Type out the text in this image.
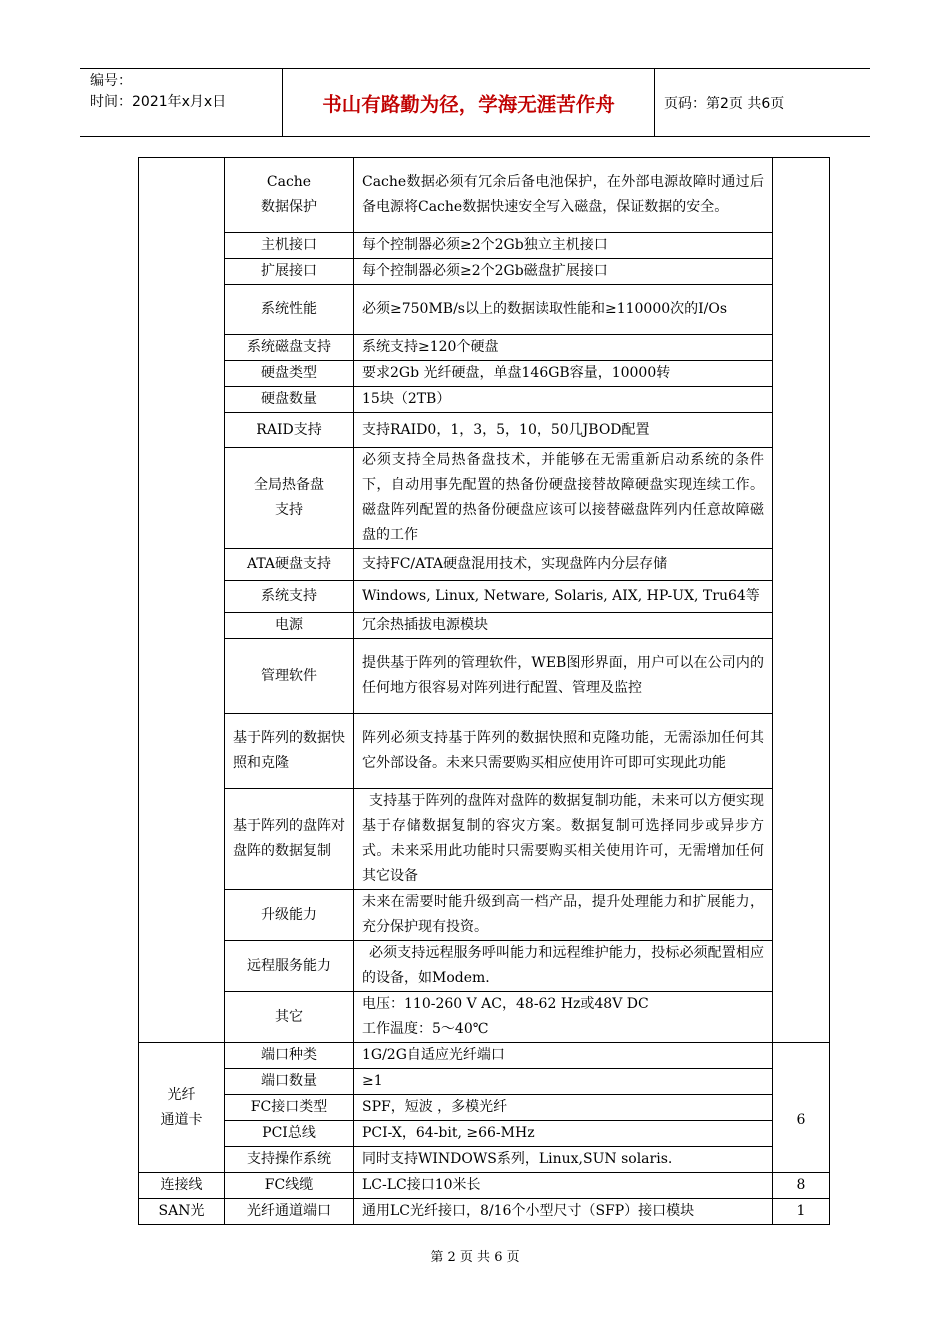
编号：
时间：2021年x月x日	书山有路勤为径，学海无涯苦作舟	页码：第2页 共6页

	Cache
数据保护	Cache数据必须有冗余后备电池保护，在外部电源故障时通过后备电源将Cache数据快速安全写入磁盘，保证数据的安全。	
	主机接口	每个控制器必须≥2个2Gb独立主机接口	
	扩展接口	每个控制器必须≥2个2Gb磁盘扩展接口	
	系统性能	必须≥750MB/s以上的数据读取性能和≥110000次的I/Os	
	系统磁盘支持	系统支持≥120个硬盘	
	硬盘类型	要求2Gb 光纤硬盘，单盘146GB容量，10000转	
	硬盘数量	15块（2TB）	
	RAID支持	支持RAID0，1，3，5，10，50几JBOD配置	

	全局热备盘
支持	必须支持全局热备盘技术，并能够在无需重新启动系统的条件下，自动用事先配置的热备份硬盘接替故障硬盘实现连续工作。磁盘阵列配置的热备份硬盘应该可以接替磁盘阵列内任意故障磁盘的工作	
	ATA硬盘支持	支持FC/ATA硬盘混用技术，实现盘阵内分层存储	
	系统支持	Windows, Linux, Netware, Solaris, AIX, HP-UX, Tru64等	
	电源	冗余热插拔电源模块	
	管理软件	提供基于阵列的管理软件，WEB图形界面，用户可以在公司内的任何地方很容易对阵列进行配置、管理及监控	
	基于阵列的数据快照和克隆	阵列必须支持基于阵列的数据快照和克隆功能，无需添加任何其它外部设备。未来只需要购买相应使用许可即可实现此功能	
	基于阵列的盘阵对盘阵的数据复制	支持基于阵列的盘阵对盘阵的数据复制功能，未来可以方便实现基于存储数据复制的容灾方案。数据复制可选择同步或异步方式。未来采用此功能时只需要购买相关使用许可，无需增加任何其它设备	
	升级能力	未来在需要时能升级到高一档产品，提升处理能力和扩展能力，充分保护现有投资。	
	远程服务能力	必须支持远程服务呼叫能力和远程维护能力，投标必须配置相应的设备，如Modem.	
	其它	电压：110-260 V AC，48-62 Hz或48V DC
工作温度：5～40℃	

光纤
通道卡	端口种类	1G/2G自适应光纤端口	6
	端口数量	≥1	
	FC接口类型	SPF，短波 ，多模光纤	
	PCI总线	PCI-X，64-bit, ≥66-MHz	
	支持操作系统	同时支持WINDOWS系列，Linux,SUN solaris.	
连接线	FC线缆	LC-LC接口10米长	8
SAN光	光纤通道端口	通用LC光纤接口，8/16个小型尺寸（SFP）接口模块	1
第 2 页 共 6 页
